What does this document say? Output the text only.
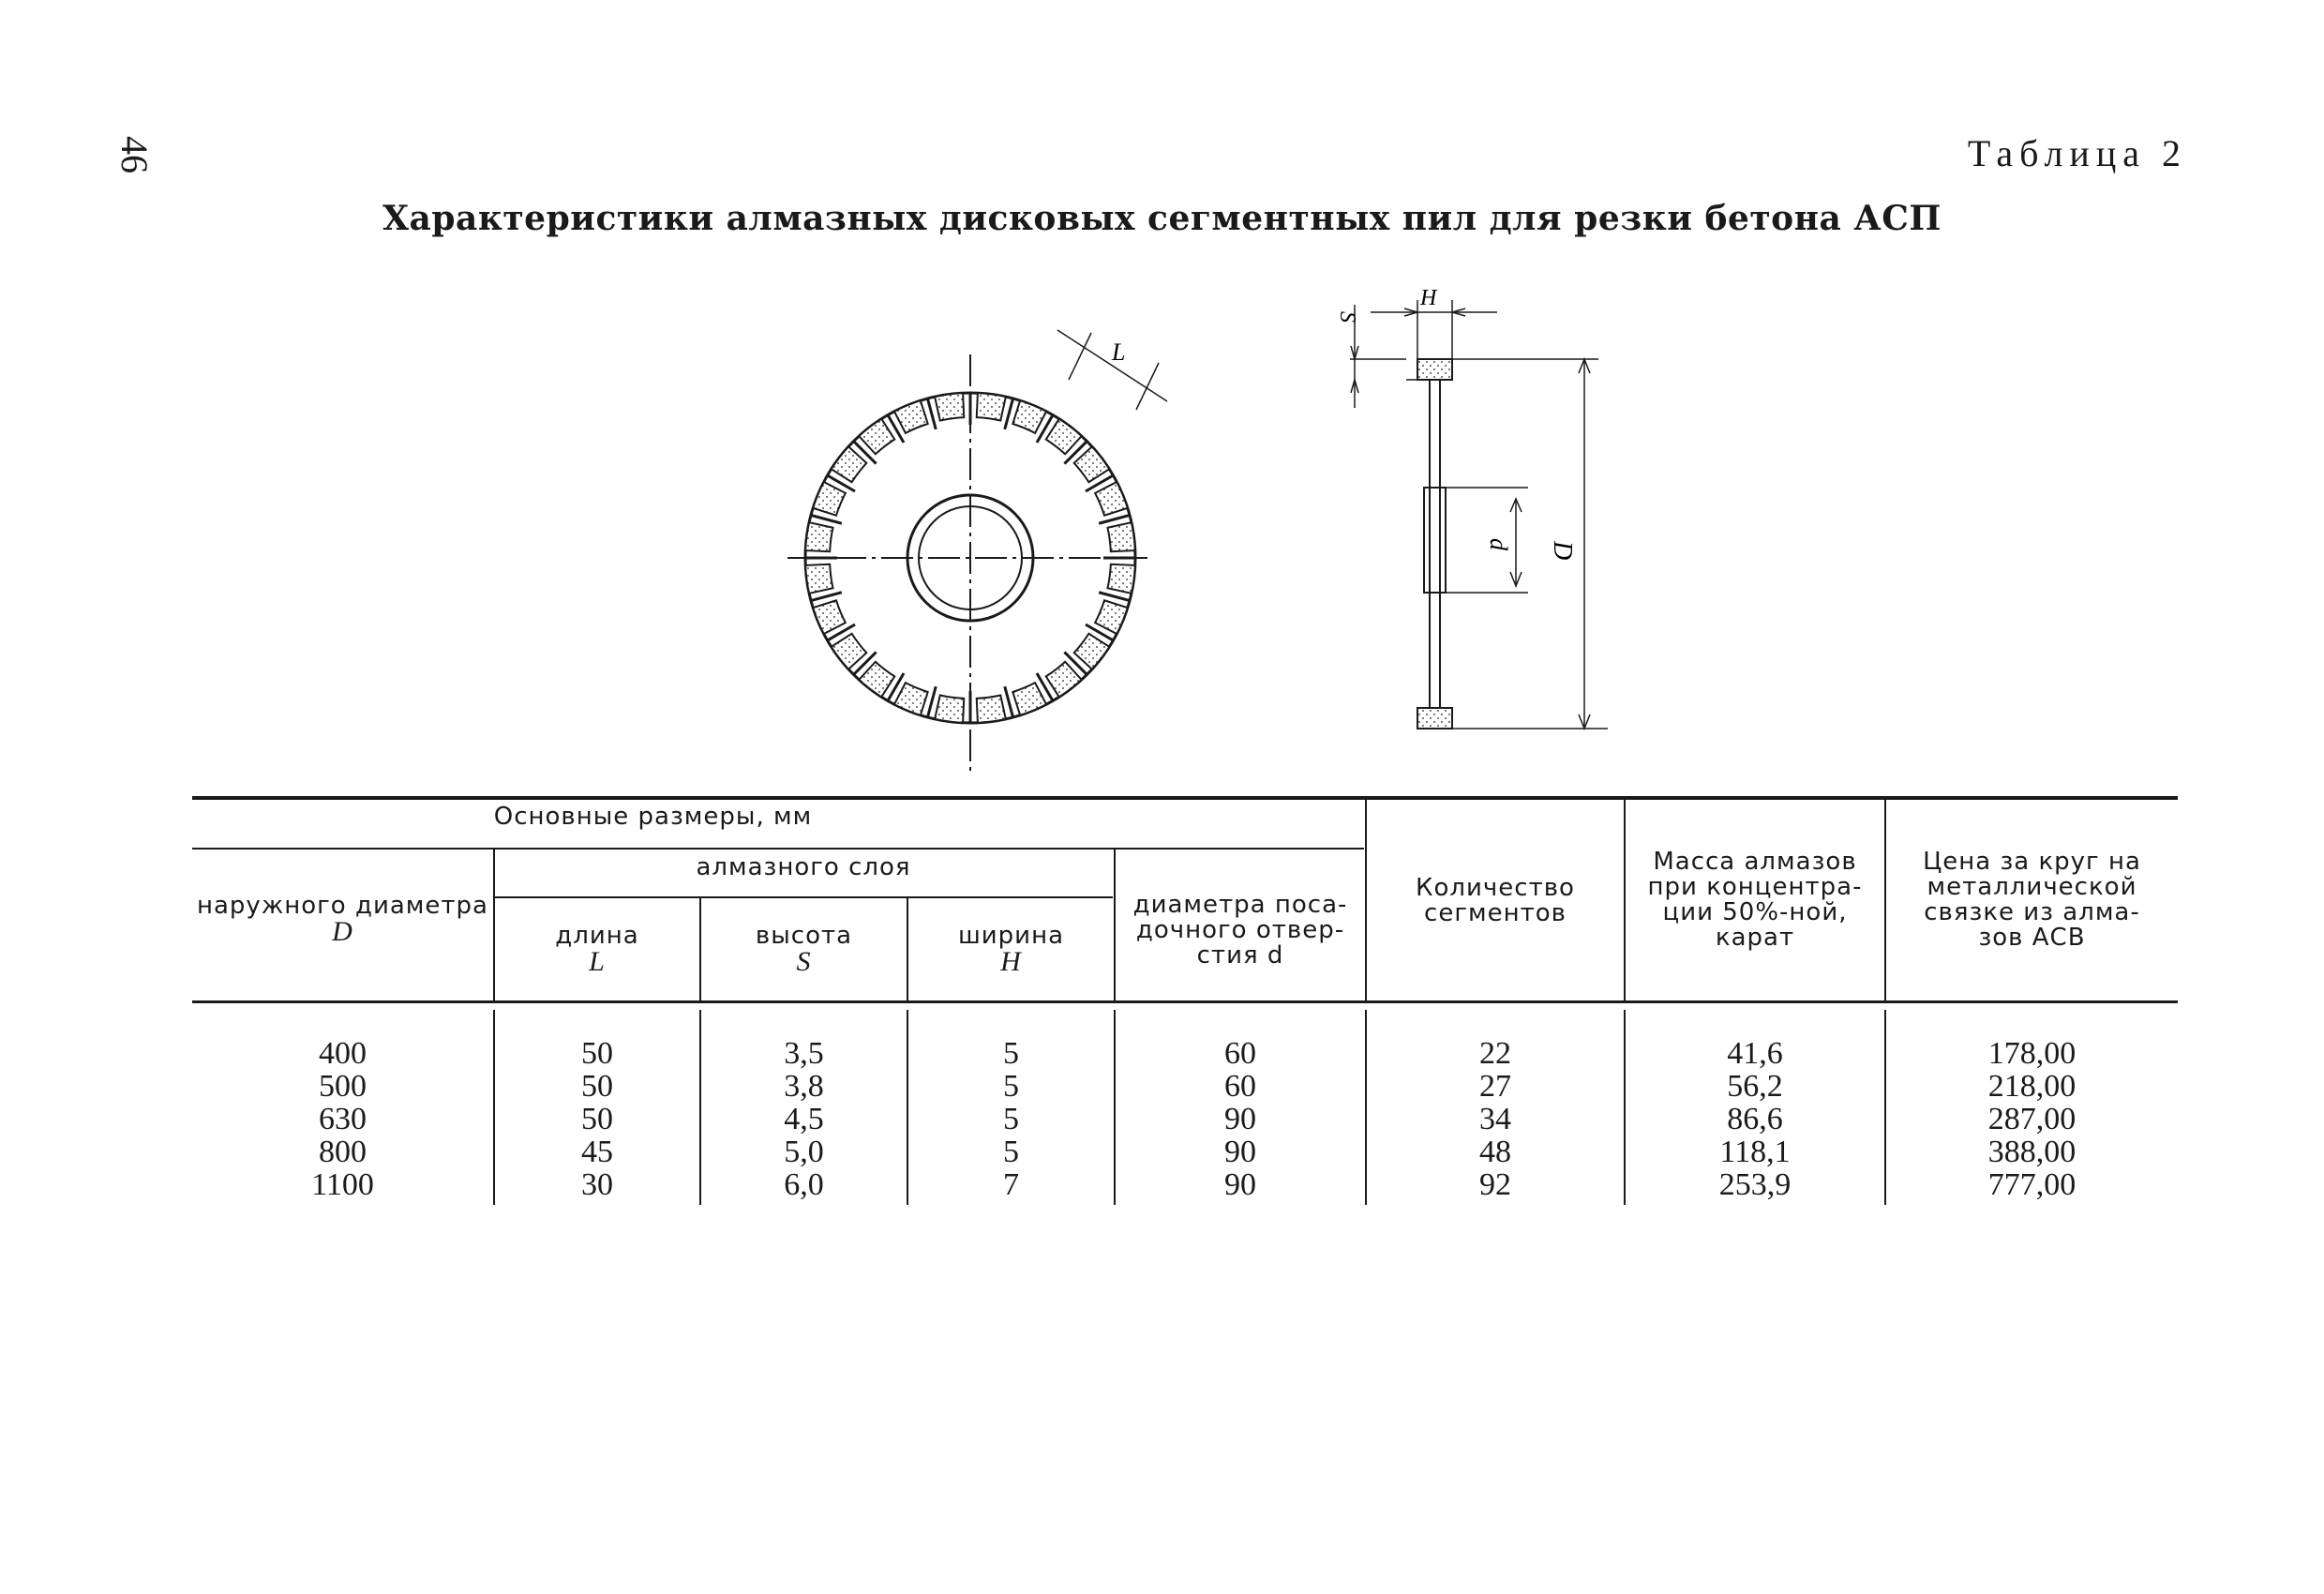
46	Таблица 2
Характеристики алмазных дисковых сегментных пил для резки бетона АСП
L
H
S
d D
Основные размеры, мм
алмазного слоя
наружного диаметра
D	длина
L
высота
S
ширина
H
диаметра поса-
дочного отвер-
стия d
Количество
сегментов
Масса алмазов
при концентра-
ции 50%-ной,
карат
Цена за круг на
металлической
связке из алма-
зов АСВ
400
500
630
800
1100
50
50
50
45
30
3,5
3,8
4,5
5,0
6,0
5
5
5
5
7
60
60
90
90
90
22
27
34
48
92
41,6
56,2
86,6
118,1
253,9
178,00
218,00
287,00
388,00
777,00
